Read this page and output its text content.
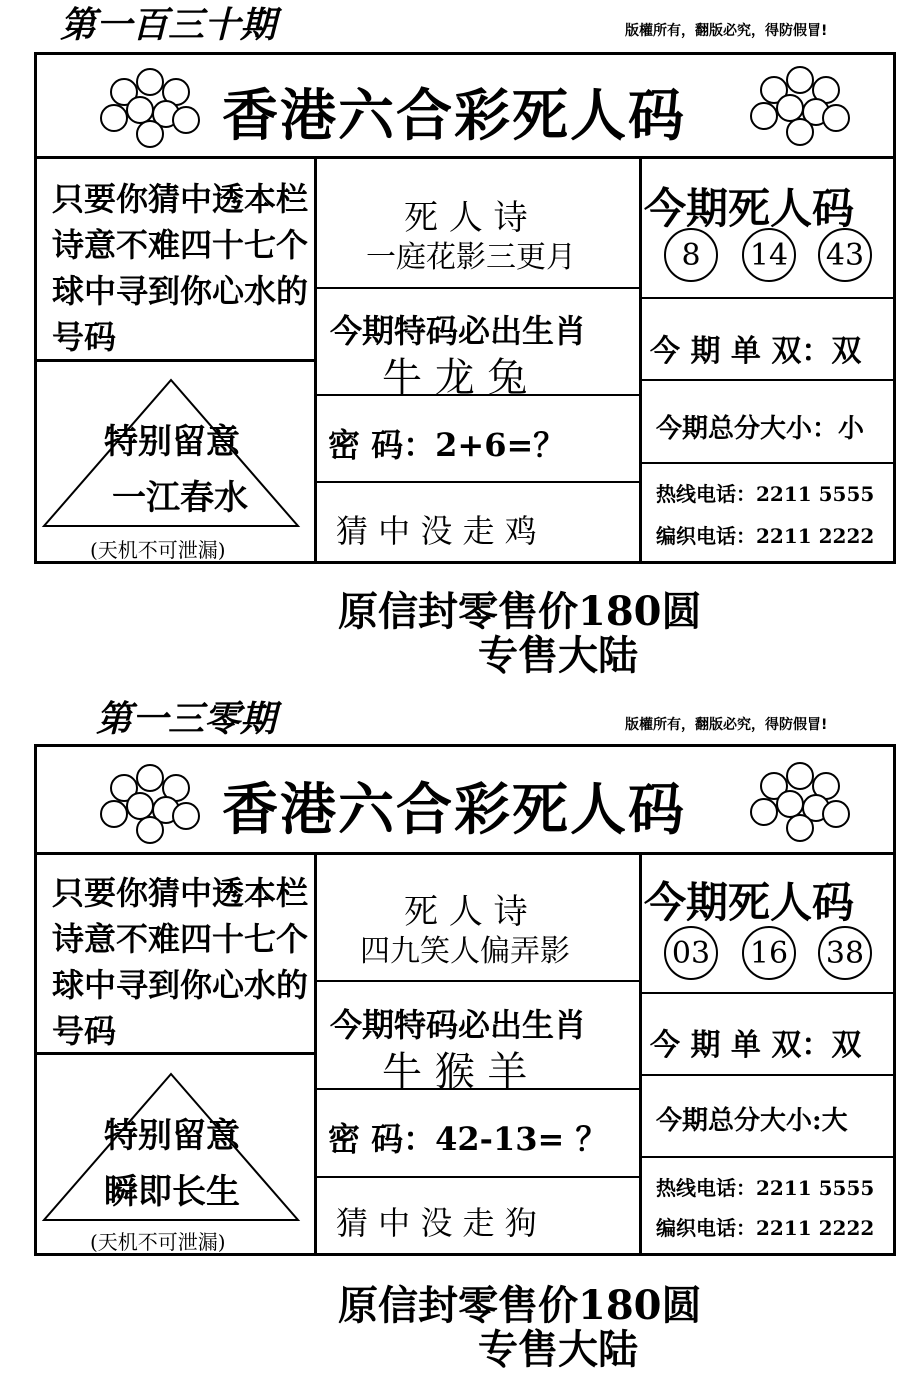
第一百三十期	版權所有，翻版必究，得防假冒!
香港六合彩死人码
只要你猜中透本栏诗意不难四十七个球中寻到你心水的号码
特别留意
一江春水
(天机不可泄漏)
死 人 诗
一庭花影三更月
今期特码必出生肖
牛 龙 兔
密 码：2+6=？
猜 中 没 走 鸡
今期死人码
8	14 43
今 期 单 双：双
今期总分大小：小
热线电话：2211 5555
编织电话：2211 2222
原信封零售价180圆
专售大陆
第一三零期	版權所有，翻版必究，得防假冒!
香港六合彩死人码
只要你猜中透本栏诗意不难四十七个球中寻到你心水的号码
特别留意
瞬即长生
(天机不可泄漏)
死 人 诗
四九笑人偏弄影
今期特码必出生肖
牛 猴 羊
密 码：42-13= ？
猜 中 没 走 狗
今期死人码
03 16 38
今 期 单 双：双
今期总分大小:大
热线电话：2211 5555
编织电话：2211 2222
原信封零售价180圆
专售大陆
